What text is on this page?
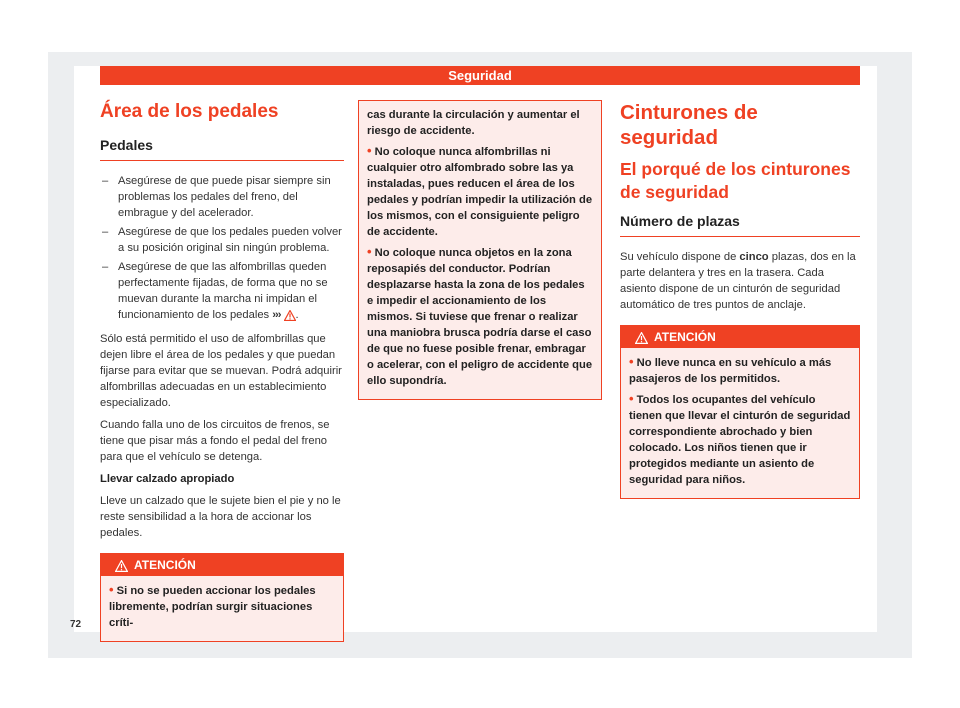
Seguridad
Área de los pedales
Pedales
– Asegúrese de que puede pisar siempre sin problemas los pedales del freno, del embrague y del acelerador.
– Asegúrese de que los pedales pueden volver a su posición original sin ningún problema.
– Asegúrese de que las alfombrillas queden perfectamente fijadas, de forma que no se muevan durante la marcha ni impidan el funcionamiento de los pedales ››› .

Sólo está permitido el uso de alfombrillas que dejen libre el área de los pedales y que puedan fijarse para evitar que se muevan. Podrá adquirir alfombrillas adecuadas en un establecimiento especializado.

Cuando falla uno de los circuitos de frenos, se tiene que pisar más a fondo el pedal del freno para que el vehículo se detenga.

Llevar calzado apropiado

Lleve un calzado que le sujete bien el pie y no le reste sensibilidad a la hora de accionar los pedales.

ATENCIÓN
• Si no se pueden accionar los pedales libremente, podrían surgir situaciones críti-
cas durante la circulación y aumentar el riesgo de accidente.
• No coloque nunca alfombrillas ni cualquier otro alfombrado sobre las ya instaladas, pues reducen el área de los pedales y podrían impedir la utilización de los mismos, con el consiguiente peligro de accidente.
• No coloque nunca objetos en la zona reposapiés del conductor. Podrían desplazarse hasta la zona de los pedales e impedir el accionamiento de los mismos. Si tuviese que frenar o realizar una maniobra brusca podría darse el caso de que no fuese posible frenar, embragar o acelerar, con el peligro de accidente que ello supondría.
Cinturones de seguridad
El porqué de los cinturones de seguridad
Número de plazas

Su vehículo dispone de cinco plazas, dos en la parte delantera y tres en la trasera. Cada asiento dispone de un cinturón de seguridad automático de tres puntos de anclaje.

ATENCIÓN
• No lleve nunca en su vehículo a más pasajeros de los permitidos.
• Todos los ocupantes del vehículo tienen que llevar el cinturón de seguridad correspondiente abrochado y bien colocado. Los niños tienen que ir protegidos mediante un asiento de seguridad para niños.
72
